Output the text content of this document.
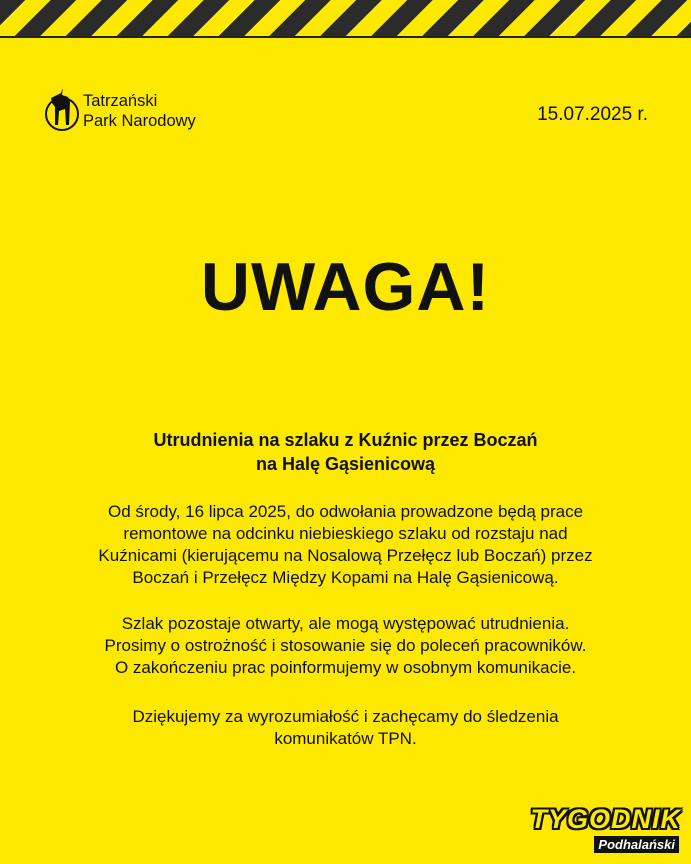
Tatrzański
Park Narodowy	15.07.2025 r.
UWAGA!
Utrudnienia na szlaku z Kuźnic przez Boczań
na Halę Gąsienicową
Od środy, 16 lipca 2025, do odwołania prowadzone będą prace
remontowe na odcinku niebieskiego szlaku od rozstaju nad
Kuźnicami (kierującemu na Nosalową Przełęcz lub Boczań) przez
Boczań i Przełęcz Między Kopami na Halę Gąsienicową.
Szlak pozostaje otwarty, ale mogą występować utrudnienia.
Prosimy o ostrożność i stosowanie się do poleceń pracowników.
O zakończeniu prac poinformujemy w osobnym komunikacie.
Dziękujemy za wyrozumiałość i zachęcamy do śledzenia
komunikatów TPN.
TYGODNIK
Podhalański
